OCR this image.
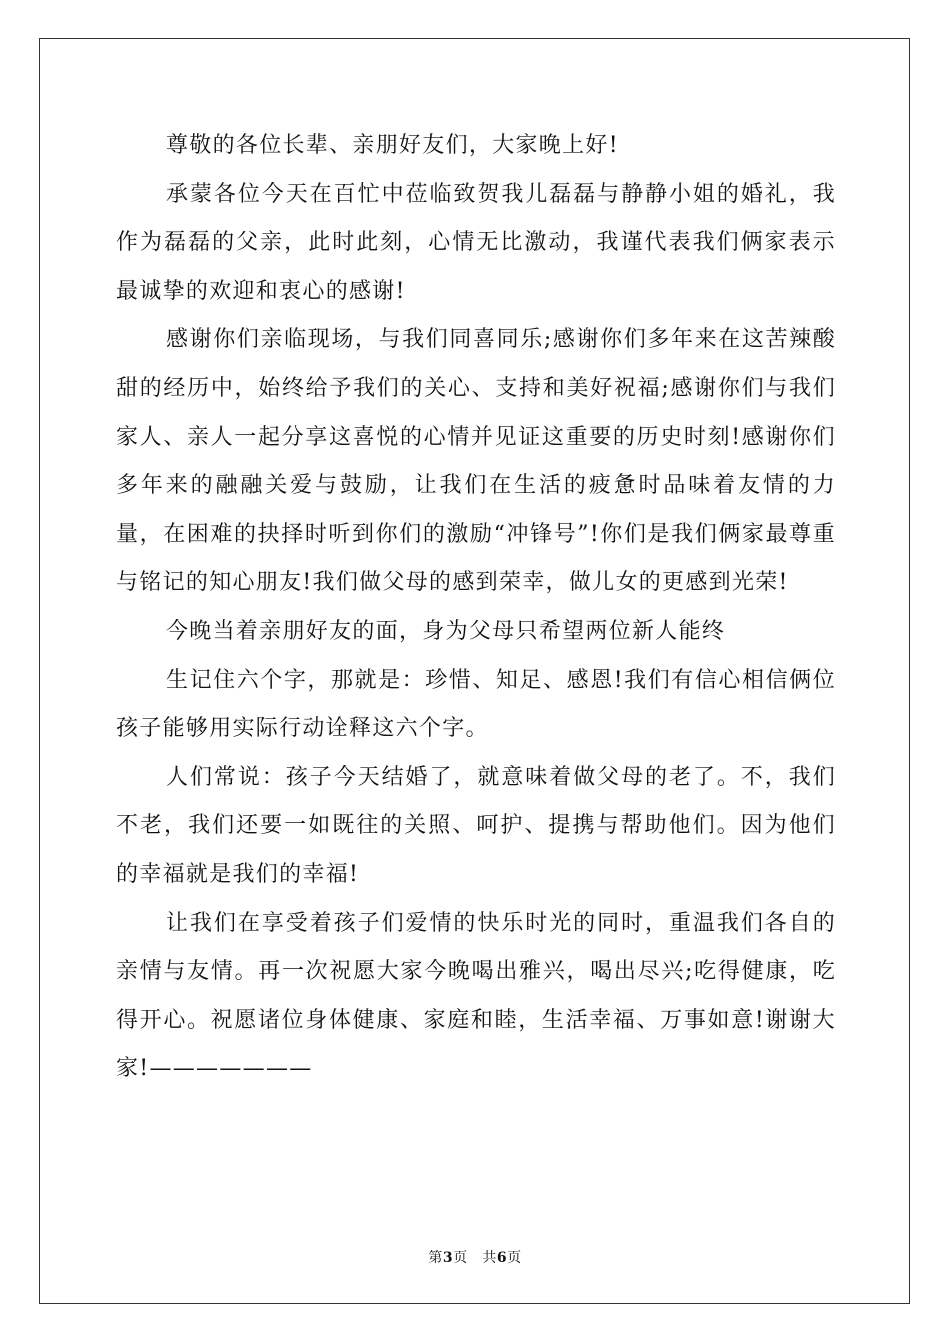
尊敬的各位长辈、亲朋好友们，大家晚上好!

承蒙各位今天在百忙中莅临致贺我儿磊磊与静静小姐的婚礼，我作为磊磊的父亲，此时此刻，心情无比激动，我谨代表我们俩家表示最诚挚的欢迎和衷心的感谢!

感谢你们亲临现场，与我们同喜同乐;感谢你们多年来在这苦辣酸甜的经历中，始终给予我们的关心、支持和美好祝福;感谢你们与我们家人、亲人一起分享这喜悦的心情并见证这重要的历史时刻!感谢你们多年来的融融关爱与鼓励，让我们在生活的疲惫时品味着友情的力量，在困难的抉择时听到你们的激励“冲锋号”!你们是我们俩家最尊重与铭记的知心朋友!我们做父母的感到荣幸，做儿女的更感到光荣!

今晚当着亲朋好友的面，身为父母只希望两位新人能终

生记住六个字，那就是：珍惜、知足、感恩!我们有信心相信俩位孩子能够用实际行动诠释这六个字。

人们常说：孩子今天结婚了，就意味着做父母的老了。不，我们不老，我们还要一如既往的关照、呵护、提携与帮助他们。因为他们的幸福就是我们的幸福!

让我们在享受着孩子们爱情的快乐时光的同时，重温我们各自的亲情与友情。再一次祝愿大家今晚喝出雅兴，喝出尽兴;吃得健康，吃得开心。祝愿诸位身体健康、家庭和睦，生活幸福、万事如意!谢谢大家!———————

第3页 共6页
